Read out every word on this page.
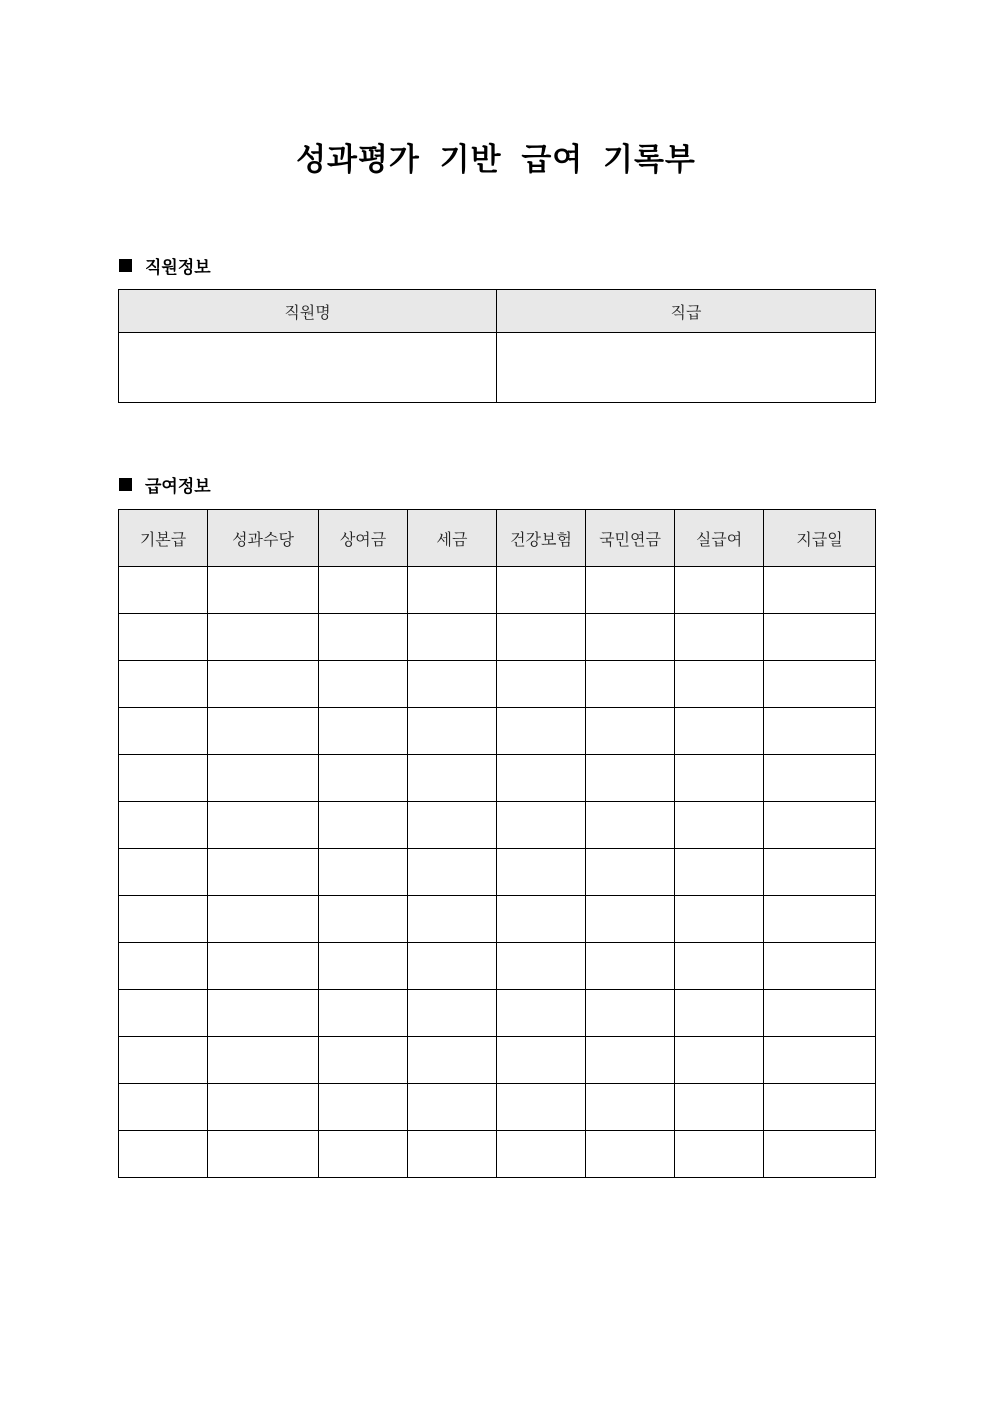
성과평가 기반 급여 기록부
직원정보
직원명	직급

급여정보
기본급	성과수당	상여금	세금	건강보험	국민연금	실급여	지급일
